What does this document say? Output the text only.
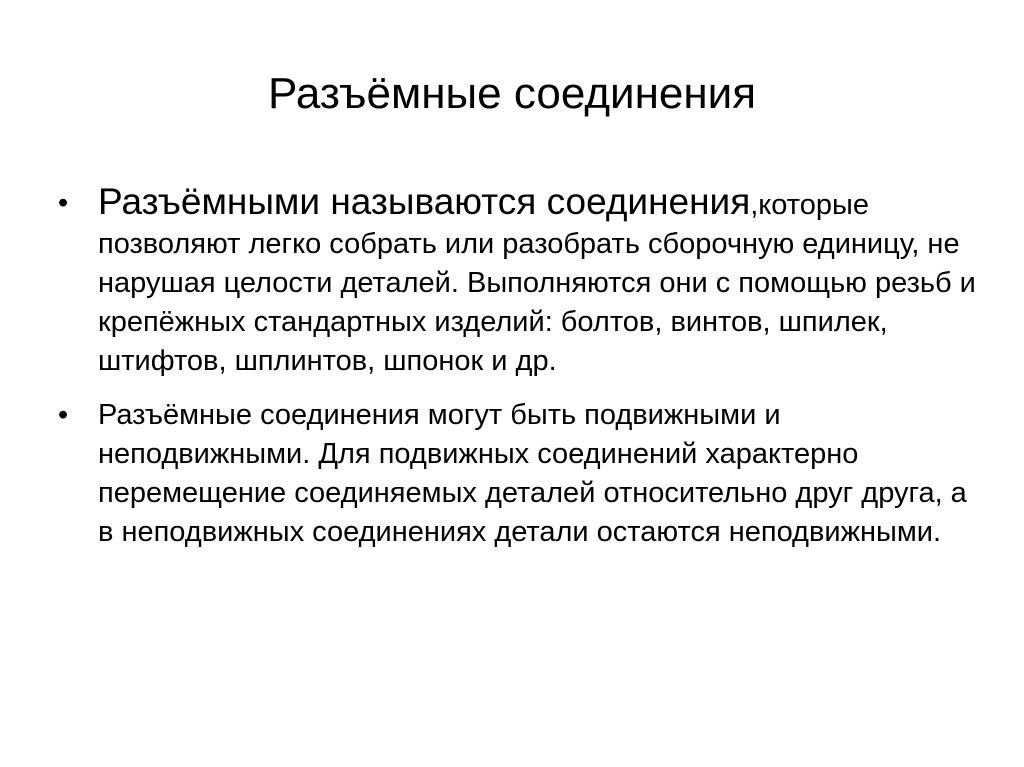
Разъёмные соединения
• Разъёмными называются соединения,которые позволяют легко собрать или разобрать сборочную единицу, не нарушая целости деталей. Выполняются они с помощью резьб и крепёжных стандартных изделий: болтов, винтов, шпилек, штифтов, шплинтов, шпонок и др.
•	Разъёмные соединения могут быть подвижными и неподвижными. Для подвижных соединений характерно перемещение соединяемых деталей относительно друг друга, а в неподвижных соединениях детали остаются неподвижными.
